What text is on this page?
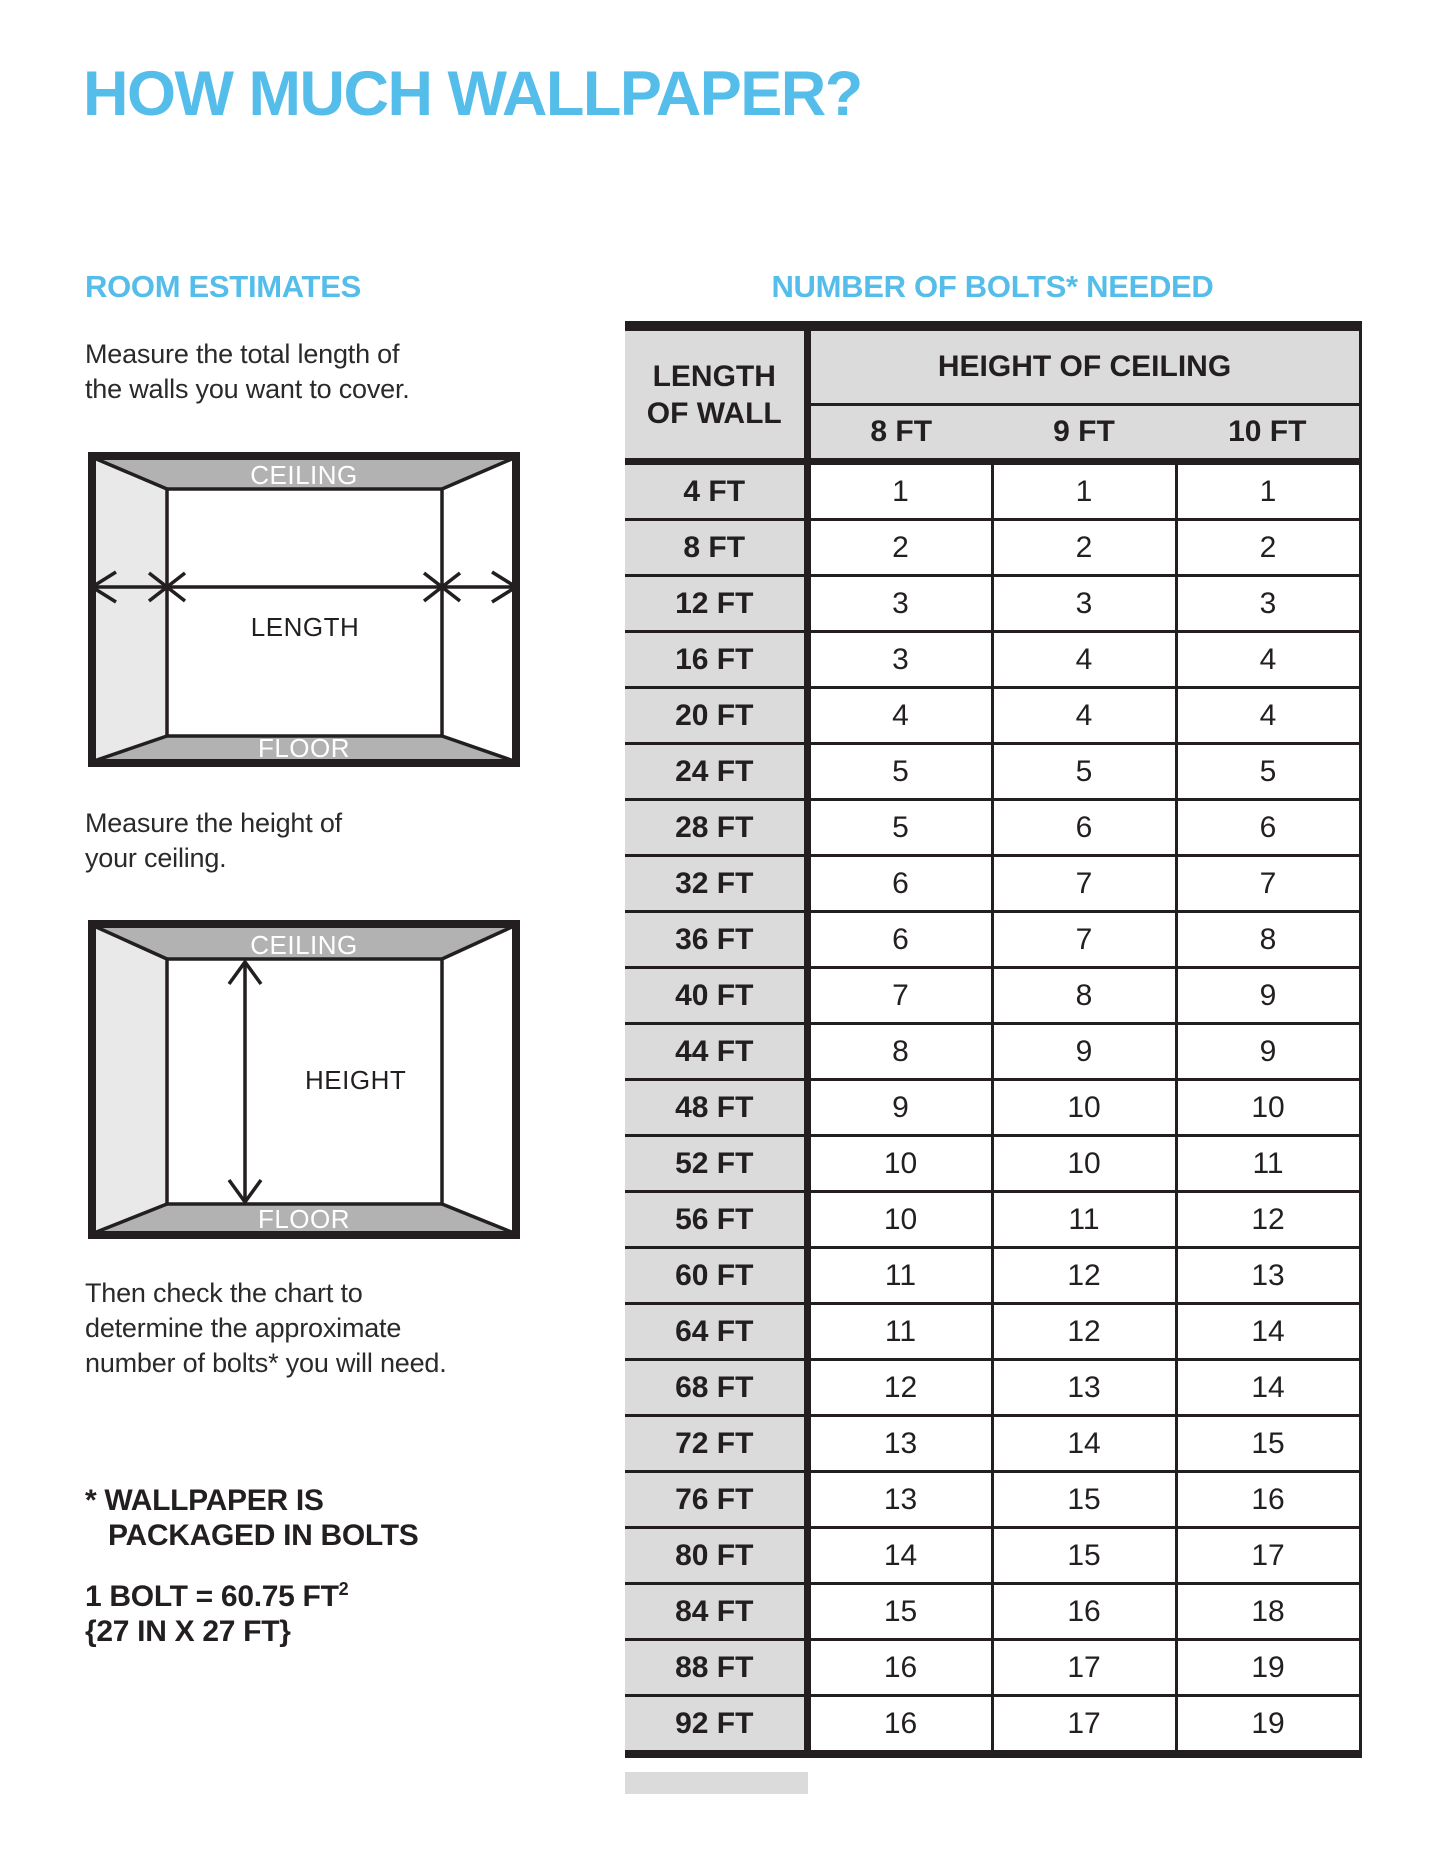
HOW MUCH WALLPAPER?
ROOM ESTIMATES	NUMBER OF BOLTS* NEEDED
Measure the total length of
the walls you want to cover.
CEILING
FLOOR
LENGTH
Measure the height of
your ceiling.
CEILING
FLOOR
HEIGHT
Then check the chart to
determine the approximate
number of bolts* you will need.
* WALLPAPER IS
PACKAGED IN BOLTS
1 BOLT = 60.75 $FT^2$
{27 IN X 27 FT}
LENGTH
OF WALL	HEIGHT OF CEILING		
	8 FT	9 FT	10 FT
4 FT	1	1	1
8 FT	2	2	2
12 FT	3	3	3
16 FT	3	4	4
20 FT	4	4	4
24 FT	5	5	5
28 FT	5	6	6
32 FT	6	7	7
36 FT	6	7	8
40 FT	7	8	9
44 FT	8	9	9
48 FT	9	10	10
52 FT	10	10	11
56 FT	10	11	12
60 FT	11	12	13
64 FT	11	12	14
68 FT	12	13	14
72 FT	13	14	15
76 FT	13	15	16
80 FT	14	15	17
84 FT	15	16	18
88 FT	16	17	19
92 FT	16	17	19
